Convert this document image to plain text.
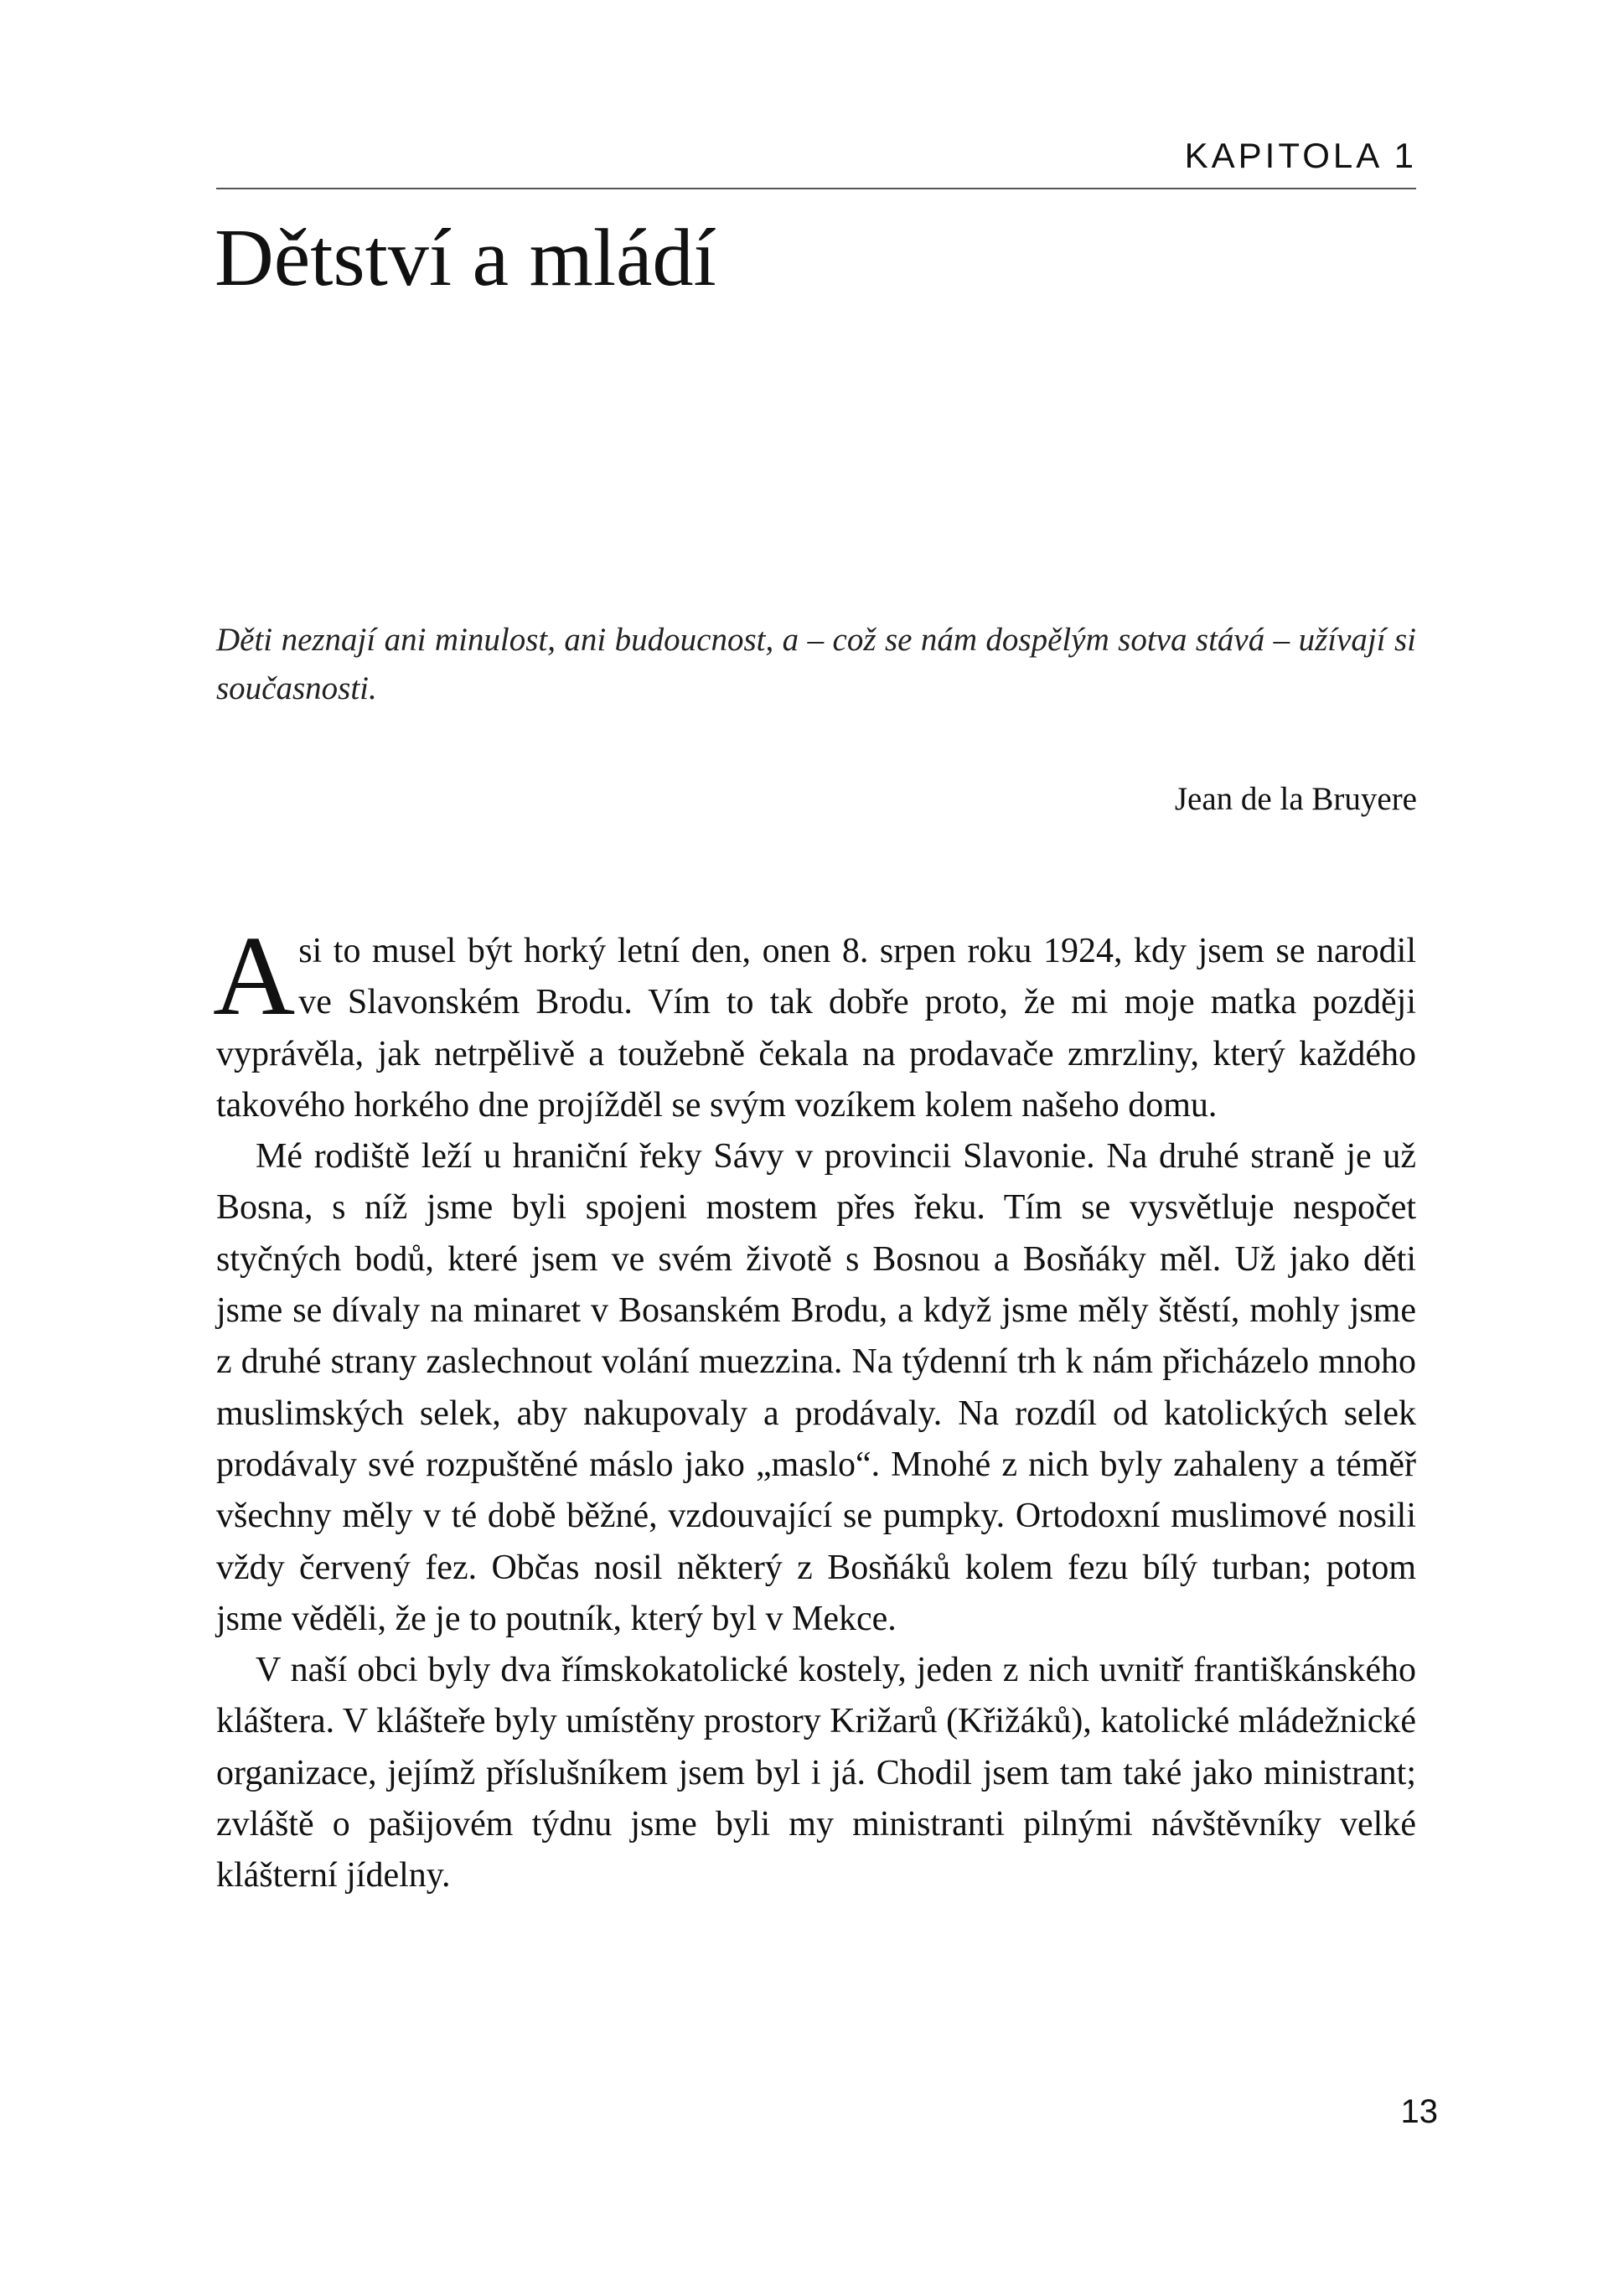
KAPITOLA 1
Dětství a mládí

Děti neznají ani minulost, ani budoucnost, a – což se nám dospělým sotva stává – užívají si současnosti.

Jean de la Bruyere

Asi to musel být horký letní den, onen 8. srpen roku 1924, kdy jsem se narodil ve Slavonském Brodu. Vím to tak dobře proto, že mi moje matka později vyprávěla, jak netrpělivě a toužebně čekala na prodavače zmrzliny, který každého takového horkého dne projížděl se svým vozíkem kolem našeho domu.

Mé rodiště leží u hraniční řeky Sávy v provincii Slavonie. Na druhé straně je už Bosna, s níž jsme byli spojeni mostem přes řeku. Tím se vysvětluje nespočet styčných bodů, které jsem ve svém životě s Bosnou a Bosňáky měl. Už jako děti jsme se dívaly na minaret v Bosanském Brodu, a když jsme měly štěstí, mohly jsme z druhé strany zaslechnout volání muezzina. Na týdenní trh k nám přicházelo mnoho muslimských selek, aby nakupovaly a prodávaly. Na rozdíl od katolických selek prodávaly své rozpuštěné máslo jako „maslo“. Mnohé z nich byly zahaleny a téměř všechny měly v té době běžné, vzdouvající se pumpky. Ortodoxní muslimové nosili vždy červený fez. Občas nosil některý z Bosňáků kolem fezu bílý turban; potom jsme věděli, že je to poutník, který byl v Mekce.

V naší obci byly dva římskokatolické kostely, jeden z nich uvnitř františkánského kláštera. V klášteře byly umístěny prostory Križarů (Křižáků), katolické mládežnické organizace, jejímž příslušníkem jsem byl i já. Chodil jsem tam také jako ministrant; zvláště o pašijovém týdnu jsme byli my ministranti pilnými návštěvníky velké klášterní jídelny.

13
